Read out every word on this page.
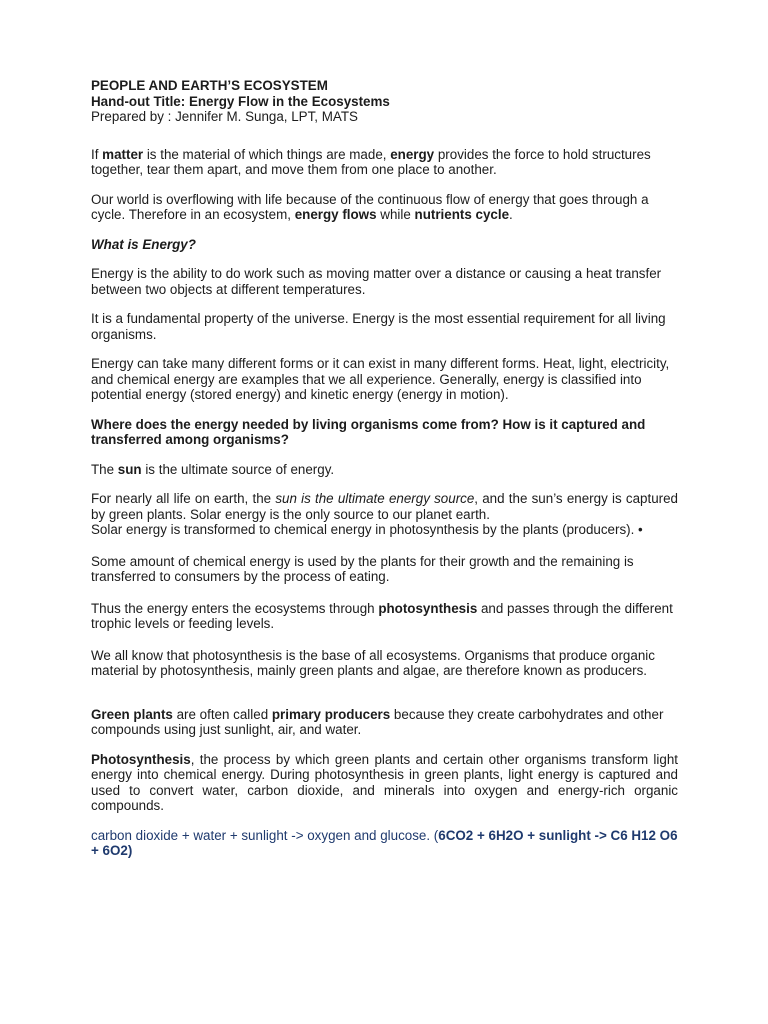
PEOPLE AND EARTH’S ECOSYSTEM

Hand-out Title: Energy Flow in the Ecosystems

Prepared by : Jennifer M. Sunga, LPT, MATS

If matter is the material of which things are made, energy provides the force to hold structures together, tear them apart, and move them from one place to another.

Our world is overflowing with life because of the continuous flow of energy that goes through a cycle. Therefore in an ecosystem, energy flows while nutrients cycle.

What is Energy?

Energy is the ability to do work such as moving matter over a distance or causing a heat transfer between two objects at different temperatures.

It is a fundamental property of the universe. Energy is the most essential requirement for all living organisms.

Energy can take many different forms or it can exist in many different forms. Heat, light, electricity, and chemical energy are examples that we all experience. Generally, energy is classified into potential energy (stored energy) and kinetic energy (energy in motion).

Where does the energy needed by living organisms come from? How is it captured and transferred among organisms?

The sun is the ultimate source of energy.

For nearly all life on earth, the sun is the ultimate energy source, and the sun’s energy is captured by green plants. Solar energy is the only source to our planet earth.
Solar energy is transformed to chemical energy in photosynthesis by the plants (producers). •

Some amount of chemical energy is used by the plants for their growth and the remaining is transferred to consumers by the process of eating.

Thus the energy enters the ecosystems through photosynthesis and passes through the different trophic levels or feeding levels.

We all know that photosynthesis is the base of all ecosystems. Organisms that produce organic material by photosynthesis, mainly green plants and algae, are therefore known as producers.

Green plants are often called primary producers because they create carbohydrates and other compounds using just sunlight, air, and water.

Photosynthesis, the process by which green plants and certain other organisms transform light energy into chemical energy. During photosynthesis in green plants, light energy is captured and used to convert water, carbon dioxide, and minerals into oxygen and energy-rich organic compounds.

carbon dioxide + water + sunlight -> oxygen and glucose. (6CO2 + 6H2O + sunlight -> C6 H12 O6 + 6O2)
